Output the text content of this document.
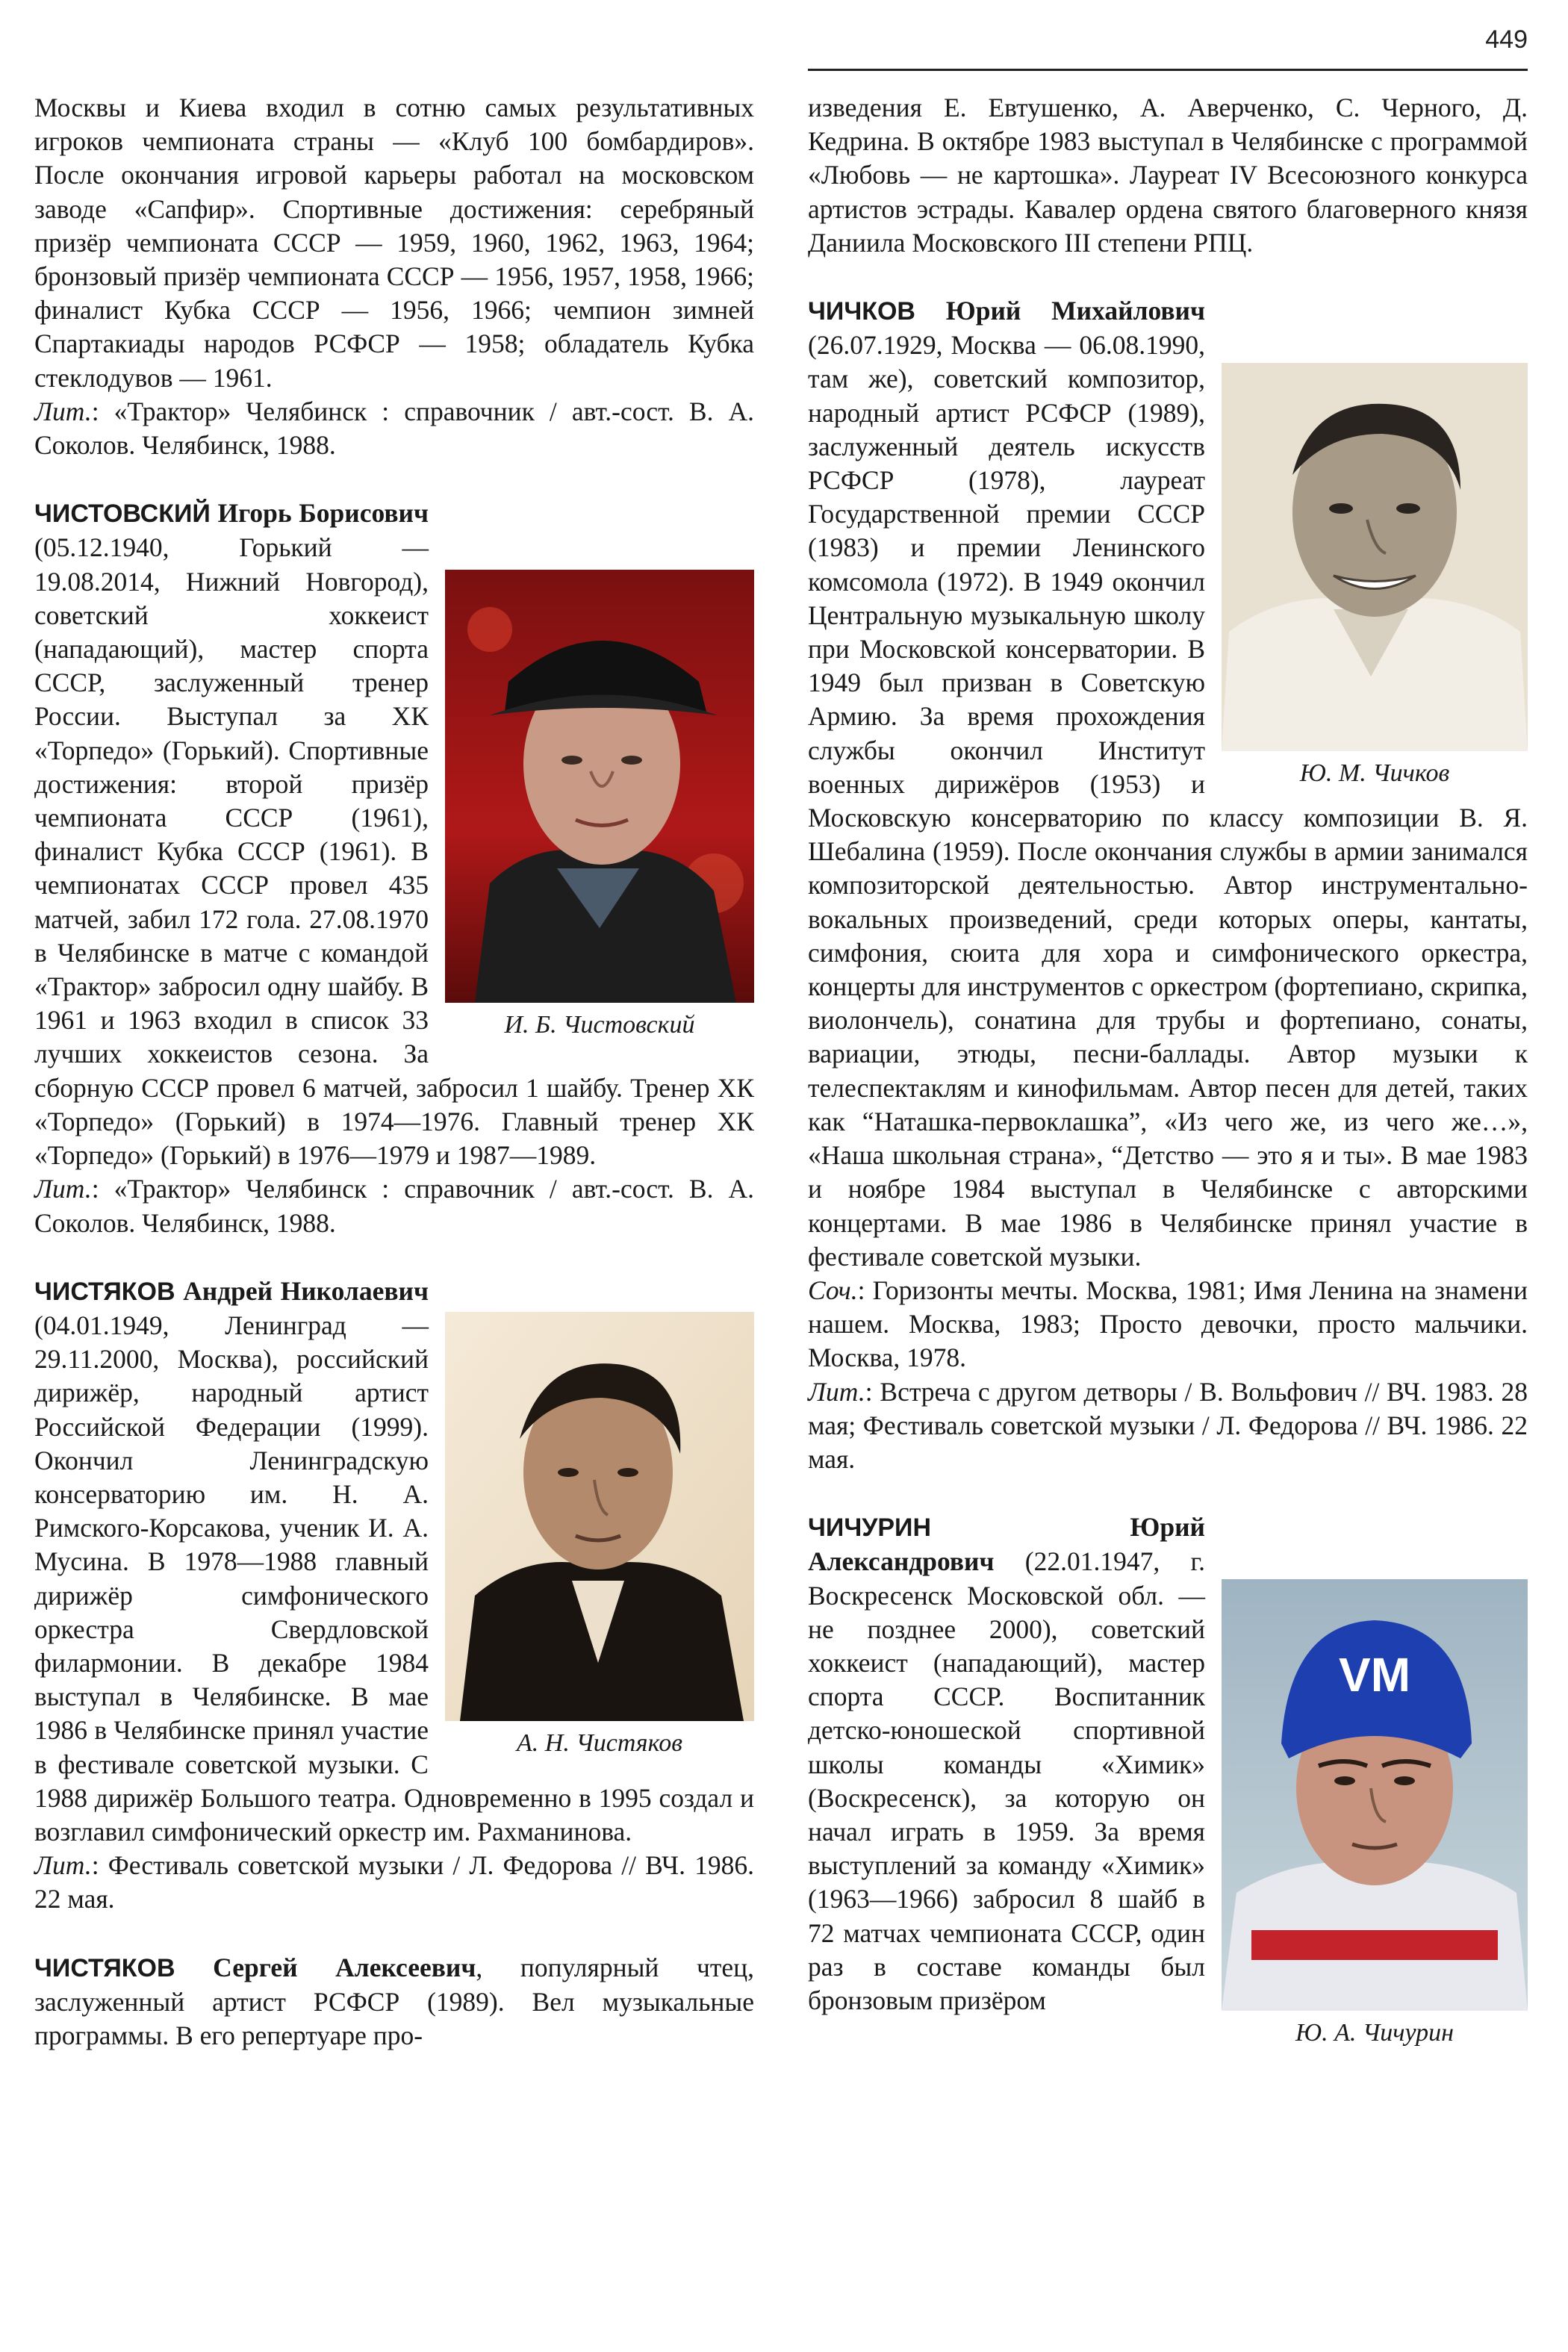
449

Москвы и Киева входил в сотню самых результативных игроков чемпионата страны — «Клуб 100 бомбардиров». После окончания игровой карьеры работал на московском заводе «Сапфир». Спортивные достижения: серебряный призёр чемпионата СССР — 1959, 1960, 1962, 1963, 1964; бронзовый призёр чемпионата СССР — 1956, 1957, 1958, 1966; финалист Кубка СССР — 1956, 1966; чемпион зимней Спартакиады народов РСФСР — 1958; обладатель Кубка стеклодувов — 1961.

Лит.: «Трактор» Челябинск : справочник / авт.-сост. В. А. Соколов. Челябинск, 1988.

И. Б. Чистовский

ЧИСТОВСКИЙ Игорь Борисович (05.12.1940, Горький — 19.08.2014, Нижний Новгород), советский хоккеист (нападающий), мастер спорта СССР, заслуженный тренер России. Выступал за ХК «Торпедо» (Горький). Спортивные достижения: второй призёр чемпионата СССР (1961), финалист Кубка СССР (1961). В чемпионатах СССР провел 435 матчей, забил 172 гола. 27.08.1970 в Челябинске в матче с командой «Трактор» забросил одну шайбу. В 1961 и 1963 входил в список 33 лучших хоккеистов сезона. За сборную СССР провел 6 матчей, забросил 1 шайбу. Тренер ХК «Торпедо» (Горький) в 1974—1976. Главный тренер ХК «Торпедо» (Горький) в 1976—1979 и 1987—1989.

Лит.: «Трактор» Челябинск : справочник / авт.-сост. В. А. Соколов. Челябинск, 1988.

А. Н. Чистяков

ЧИСТЯКОВ Андрей Николаевич (04.01.1949, Ленинград — 29.11.2000, Москва), российский дирижёр, народный артист Российской Федерации (1999). Окончил Ленинградскую консерваторию им. Н. А. Римского-Корсакова, ученик И. А. Мусина. В 1978—1988 главный дирижёр симфонического оркестра Свердловской филармонии. В декабре 1984 выступал в Челябинске. В мае 1986 в Челябинске принял участие в фестивале советской музыки. С 1988 дирижёр Большого театра. Одновременно в 1995 создал и возглавил симфонический оркестр им. Рахманинова.

Лит.: Фестиваль советской музыки / Л. Федорова // ВЧ. 1986. 22 мая.

ЧИСТЯКОВ Сергей Алексеевич, популярный чтец, заслуженный артист РСФСР (1989). Вел музыкальные программы. В его репертуаре про-

изведения Е. Евтушенко, А. Аверченко, С. Черного, Д. Кедрина. В октябре 1983 выступал в Челябинске с программой «Любовь — не картошка». Лауреат IV Всесоюзного конкурса артистов эстрады. Кавалер ордена святого благоверного князя Даниила Московского III степени РПЦ.

Ю. М. Чичков

ЧИЧКОВ Юрий Михайлович (26.07.1929, Москва — 06.08.1990, там же), советский композитор, народный артист РСФСР (1989), заслуженный деятель искусств РСФСР (1978), лауреат Государственной премии СССР (1983) и премии Ленинского комсомола (1972). В 1949 окончил Центральную музыкальную школу при Московской консерватории. В 1949 был призван в Советскую Армию. За время прохождения службы окончил Институт военных дирижёров (1953) и Московскую консерваторию по классу композиции В. Я. Шебалина (1959). После окончания службы в армии занимался композиторской деятельностью. Автор инструментально-вокальных произведений, среди которых оперы, кантаты, симфония, сюита для хора и симфонического оркестра, концерты для инструментов с оркестром (фортепиано, скрипка, виолончель), сонатина для трубы и фортепиано, сонаты, вариации, этюды, песни-баллады. Автор музыки к телеспектаклям и кинофильмам. Автор песен для детей, таких как “Наташка-первоклашка”, «Из чего же, из чего же…», «Наша школьная страна», “Детство — это я и ты». В мае 1983 и ноябре 1984 выступал в Челябинске с авторскими концертами. В мае 1986 в Челябинске принял участие в фестивале советской музыки.

Соч.: Горизонты мечты. Москва, 1981; Имя Ленина на знамени нашем. Москва, 1983; Просто девочки, просто мальчики. Москва, 1978.

Лит.: Встреча с другом детворы / В. Вольфович // ВЧ. 1983. 28 мая; Фестиваль советской музыки / Л. Федорова // ВЧ. 1986. 22 мая.

VM
Ю. А. Чичурин

ЧИЧУРИН	Юрий Александрович (22.01.1947, г. Воскресенск Московской обл. — не позднее 2000), советский хоккеист (нападающий), мастер спорта СССР. Воспитанник детско-юношеской спортивной школы команды «Химик» (Воскресенск), за которую он начал играть в 1959. За время выступлений за команду «Химик» (1963—1966) забросил 8 шайб в 72 матчах чемпионата СССР, один раз в составе команды был бронзовым призёром
